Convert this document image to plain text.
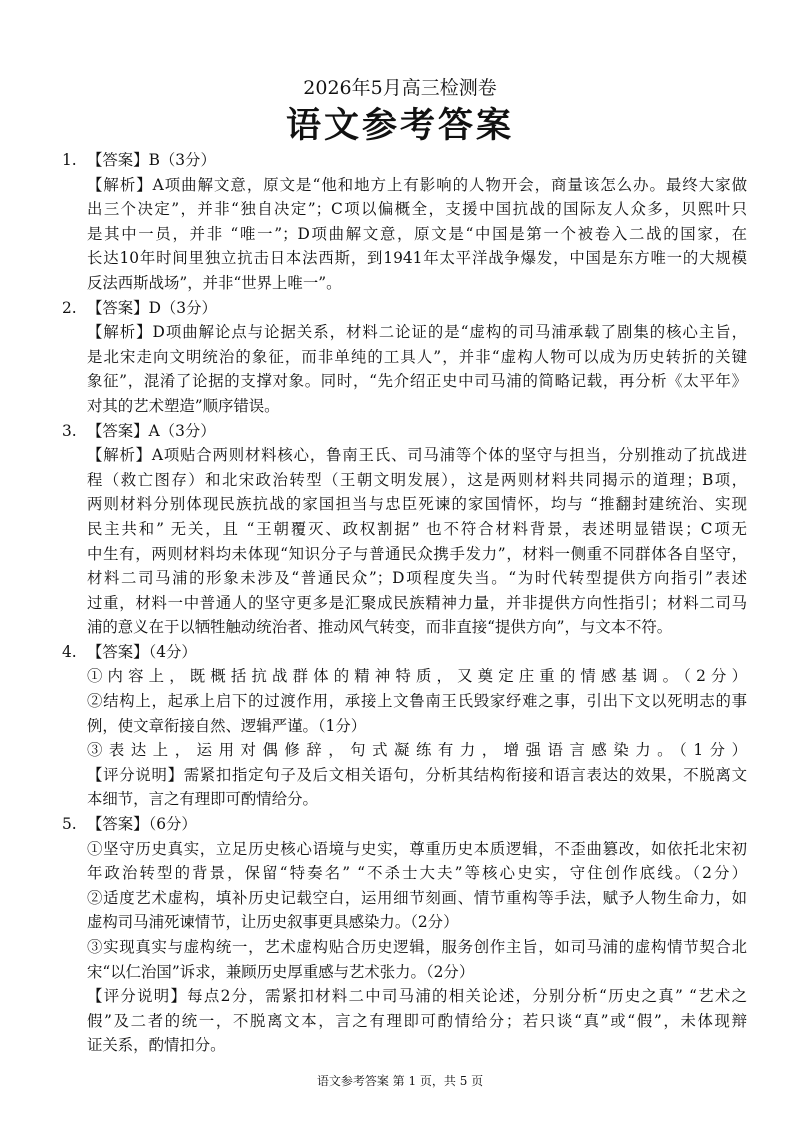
2026年5月高三检测卷
语文参考答案
1. 【答案】B（3分）
【解析】A项曲解文意，原文是“他和地方上有影响的人物开会，商量该怎么办。最终大家做
出三个决定”，并非“独自决定”；C项以偏概全，支援中国抗战的国际友人众多，贝熙叶只
是其中一员，并非 “唯一”；D项曲解文意，原文是“中国是第一个被卷入二战的国家，在
长达10年时间里独立抗击日本法西斯，到1941年太平洋战争爆发，中国是东方唯一的大规模
反法西斯战场”，并非“世界上唯一”。
2. 【答案】D（3分）
【解析】D项曲解论点与论据关系，材料二论证的是“虚构的司马浦承载了剧集的核心主旨，
是北宋走向文明统治的象征，而非单纯的工具人”，并非“虚构人物可以成为历史转折的关键
象征”，混淆了论据的支撑对象。同时，“先介绍正史中司马浦的简略记载，再分析《太平年》
对其的艺术塑造”顺序错误。
3. 【答案】A（3分）
【解析】A项贴合两则材料核心，鲁南王氏、司马浦等个体的坚守与担当，分别推动了抗战进
程（救亡图存）和北宋政治转型（王朝文明发展），这是两则材料共同揭示的道理；B项，
两则材料分别体现民族抗战的家国担当与忠臣死谏的家国情怀，均与 “推翻封建统治、实现
民主共和” 无关，且 “王朝覆灭、政权割据” 也不符合材料背景，表述明显错误；C项无
中生有，两则材料均未体现“知识分子与普通民众携手发力”，材料一侧重不同群体各自坚守，
材料二司马浦的形象未涉及“普通民众”；D项程度失当。“为时代转型提供方向指引”表述
过重，材料一中普通人的坚守更多是汇聚成民族精神力量，并非提供方向性指引；材料二司马
浦的意义在于以牺牲触动统治者、推动风气转变，而非直接“提供方向”，与文本不符。
4. 【答案】（4分）
①内容上，既概括抗战群体的精神特质，又奠定庄重的情感基调。（2分）
②结构上，起承上启下的过渡作用，承接上文鲁南王氏毁家纾难之事，引出下文以死明志的事
例，使文章衔接自然、逻辑严谨。（1分）
③表达上，运用对偶修辞，句式凝练有力，增强语言感染力。（1分）
【评分说明】需紧扣指定句子及后文相关语句，分析其结构衔接和语言表达的效果，不脱离文
本细节，言之有理即可酌情给分。
5. 【答案】（6分）
①坚守历史真实，立足历史核心语境与史实，尊重历史本质逻辑，不歪曲篡改，如依托北宋初
年政治转型的背景，保留“特奏名” “不杀士大夫”等核心史实，守住创作底线。（2分）
②适度艺术虚构，填补历史记载空白，运用细节刻画、情节重构等手法，赋予人物生命力，如
虚构司马浦死谏情节，让历史叙事更具感染力。（2分）
③实现真实与虚构统一，艺术虚构贴合历史逻辑，服务创作主旨，如司马浦的虚构情节契合北
宋“以仁治国”诉求，兼顾历史厚重感与艺术张力。（2分）
【评分说明】每点2分，需紧扣材料二中司马浦的相关论述，分别分析“历史之真” “艺术之
假”及二者的统一，不脱离文本，言之有理即可酌情给分；若只谈“真”或“假”，未体现辩
证关系，酌情扣分。
语文参考答案 第 1 页，共 5 页
